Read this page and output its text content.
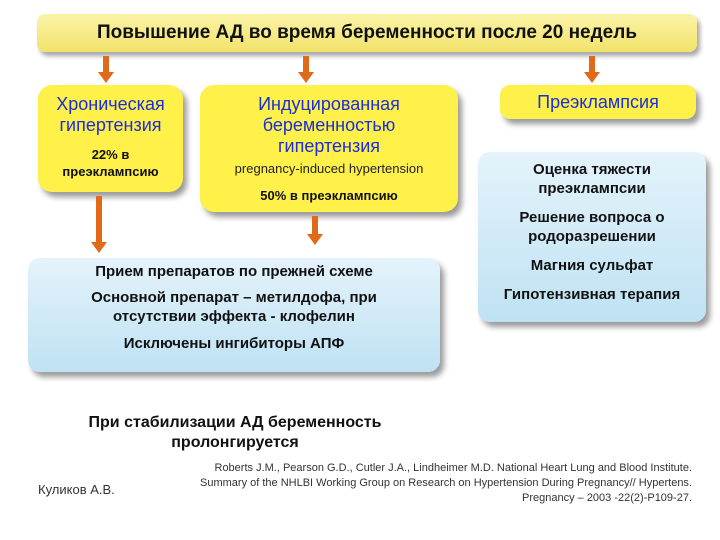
Повышение АД во время беременности после 20 недель
Хроническая гипертензия
22% в преэклампсию
Индуцированная беременностью гипертензия
pregnancy-induced hypertension
50% в преэклампсию
Преэклампсия
Оценка тяжести преэклампсии
Решение вопроса о родоразрешении
Магния сульфат
Гипотензивная терапия
Прием препаратов по прежней схеме
Основной препарат – метилдофа, при отсутствии эффекта - клофелин
Исключены ингибиторы АПФ
При стабилизации АД беременность пролонгируется
Куликов А.В.
Roberts J.M., Pearson G.D., Cutler J.A., Lindheimer M.D. National Heart Lung and Blood Institute. Summary of the NHLBI Working Group on Research on Hypertension During Pregnancy// Hypertens. Pregnancy – 2003 -22(2)-P109-27.
